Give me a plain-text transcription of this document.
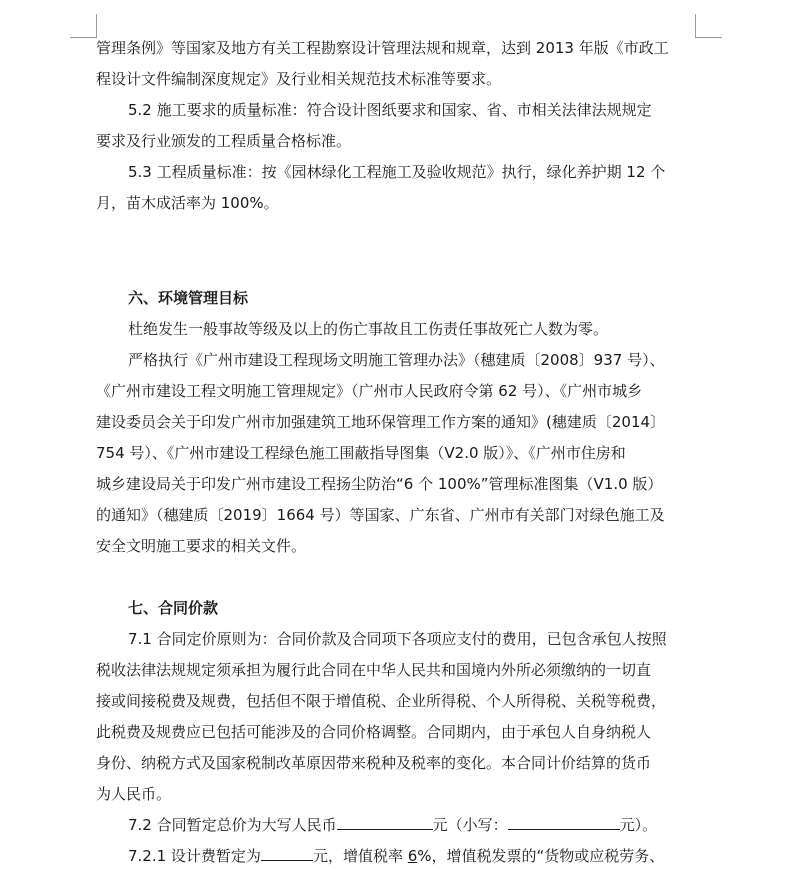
管理条例》等国家及地方有关工程勘察设计管理法规和规章，达到 2013 年版《市政工
程设计文件编制深度规定》及行业相关规范技术标准等要求。
5.2 施工要求的质量标准：符合设计图纸要求和国家、省、市相关法律法规规定
要求及行业颁发的工程质量合格标准。
5.3 工程质量标准：按《园林绿化工程施工及验收规范》执行，绿化养护期 12 个
月，苗木成活率为 100%。
六、环境管理目标
杜绝发生一般事故等级及以上的伤亡事故且工伤责任事故死亡人数为零。
严格执行《广州市建设工程现场文明施工管理办法》（穗建质〔2008〕937 号）、
《广州市建设工程文明施工管理规定》（广州市人民政府令第 62 号）、《广州市城乡
建设委员会关于印发广州市加强建筑工地环保管理工作方案的通知》(穗建质〔2014〕
754 号）、《广州市建设工程绿色施工围蔽指导图集（V2.0 版）》、《广州市住房和
城乡建设局关于印发广州市建设工程扬尘防治“6 个 100%”管理标准图集（V1.0 版）
的通知》（穗建质〔2019〕1664 号）等国家、广东省、广州市有关部门对绿色施工及
安全文明施工要求的相关文件。
七、合同价款
7.1 合同定价原则为：合同价款及合同项下各项应支付的费用，已包含承包人按照
税收法律法规规定须承担为履行此合同在中华人民共和国境内外所必须缴纳的一切直
接或间接税费及规费，包括但不限于增值税、企业所得税、个人所得税、关税等税费，
此税费及规费应已包括可能涉及的合同价格调整。合同期内，由于承包人自身纳税人
身份、纳税方式及国家税制改革原因带来税种及税率的变化。本合同计价结算的货币
为人民币。
7.2 合同暂定总价为大写人民币	元（小写：	元）。
7.2.1 设计费暂定为	元，增值税率 6%，增值税发票的“货物或应税劳务、
